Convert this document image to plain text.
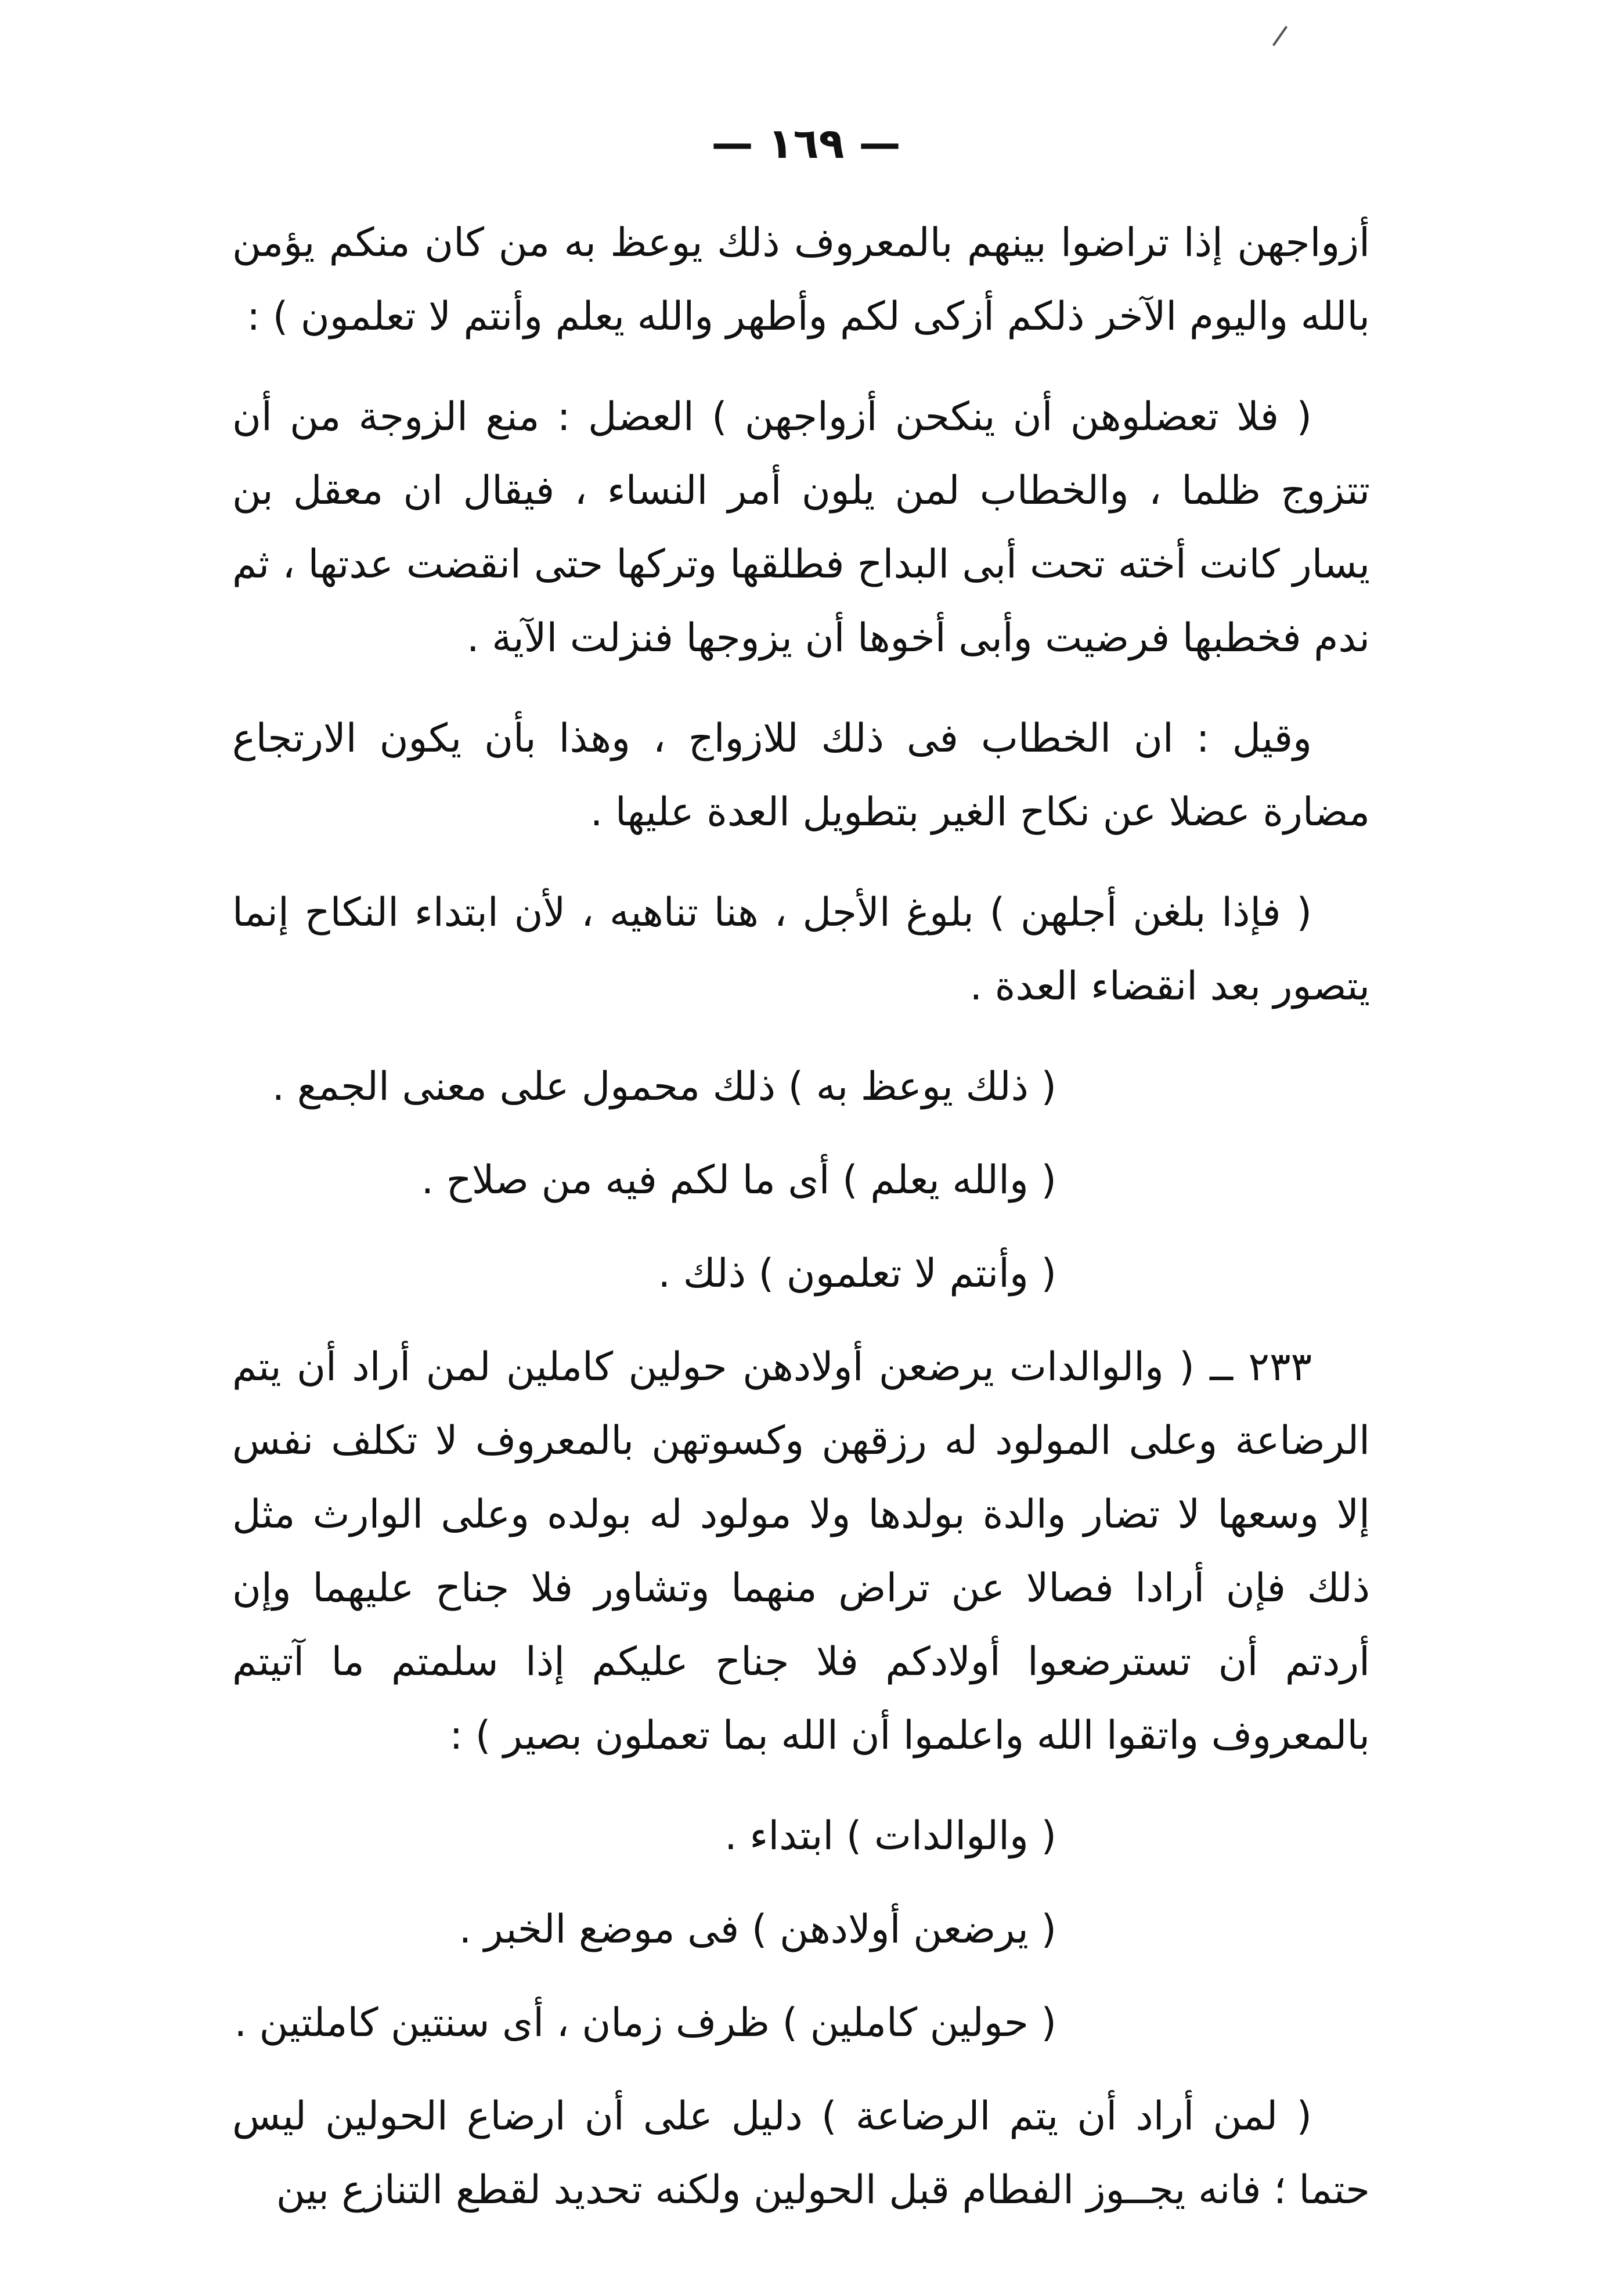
— ١٦٩ —

أزواجهن إذا تراضوا بينهم بالمعروف ذلك يوعظ به من كان منكم يؤمن بالله واليوم الآخر ذلكم أزكى لكم وأطهر والله يعلم وأنتم لا تعلمون ) :

( فلا تعضلوهن أن ينكحن أزواجهن ) العضل : منع الزوجة من أن تتزوج ظلما ، والخطاب لمن يلون أمر النساء ، فيقال ان معقل بن يسار كانت أخته تحت أبى البداح فطلقها وتركها حتى انقضت عدتها ، ثم ندم فخطبها فرضيت وأبى أخوها أن يزوجها فنزلت الآية .

وقيل : ان الخطاب فى ذلك للازواج ، وهذا بأن يكون الارتجاع مضارة عضلا عن نكاح الغير بتطويل العدة عليها .

( فإذا بلغن أجلهن ) بلوغ الأجل ، هنا تناهيه ، لأن ابتداء النكاح إنما يتصور بعد انقضاء العدة .

( ذلك يوعظ به ) ذلك محمول على معنى الجمع .

( والله يعلم ) أى ما لكم فيه من صلاح .

( وأنتم لا تعلمون ) ذلك .

٢٣٣ ــ ( والوالدات يرضعن أولادهن حولين كاملين لمن أراد أن يتم الرضاعة وعلى المولود له رزقهن وكسوتهن بالمعروف لا تكلف نفس إلا وسعها لا تضار والدة بولدها ولا مولود له بولده وعلى الوارث مثل ذلك فإن أرادا فصالا عن تراض منهما وتشاور فلا جناح عليهما وإن أردتم أن تسترضعوا أولادكم فلا جناح عليكم إذا سلمتم ما آتيتم بالمعروف واتقوا الله واعلموا أن الله بما تعملون بصير ) :

( والوالدات ) ابتداء .

( يرضعن أولادهن ) فى موضع الخبر .

( حولين كاملين ) ظرف زمان ، أى سنتين كاملتين .

( لمن أراد أن يتم الرضاعة ) دليل على أن ارضاع الحولين ليس حتما ؛ فانه يجــوز الفطام قبل الحولين ولكنه تحديد لقطع التنازع بين
